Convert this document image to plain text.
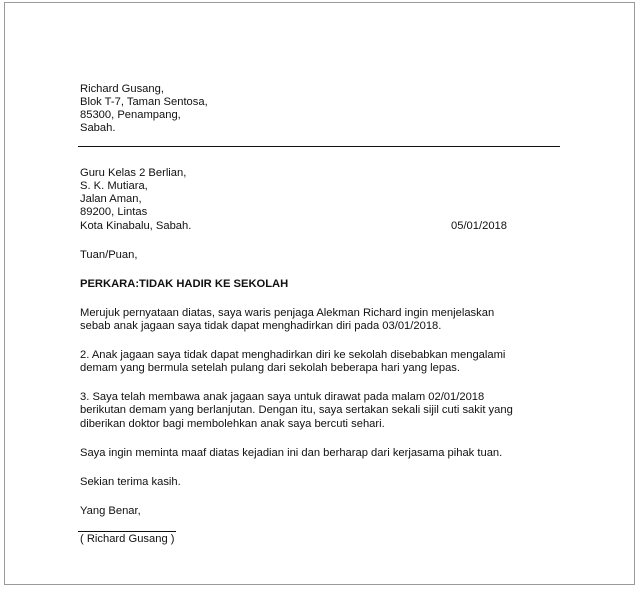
Richard Gusang,
Blok T-7, Taman Sentosa,
85300, Penampang,
Sabah.
Guru Kelas 2 Berlian,
S. K. Mutiara,
Jalan Aman,
89200, Lintas
Kota Kinabalu, Sabah.	05/01/2018
Tuan/Puan,
PERKARA:TIDAK HADIR KE SEKOLAH
Merujuk pernyataan diatas, saya waris penjaga Alekman Richard ingin menjelaskan
sebab anak jagaan saya tidak dapat menghadirkan diri pada 03/01/2018.
2. Anak jagaan saya tidak dapat menghadirkan diri ke sekolah disebabkan mengalami
demam yang bermula setelah pulang dari sekolah beberapa hari yang lepas.
3. Saya telah membawa anak jagaan saya untuk dirawat pada malam 02/01/2018
berikutan demam yang berlanjutan. Dengan itu, saya sertakan sekali sijil cuti sakit yang
diberikan doktor bagi membolehkan anak saya bercuti sehari.
Saya ingin meminta maaf diatas kejadian ini dan berharap dari kerjasama pihak tuan.
Sekian terima kasih.
Yang Benar,
( Richard Gusang )
